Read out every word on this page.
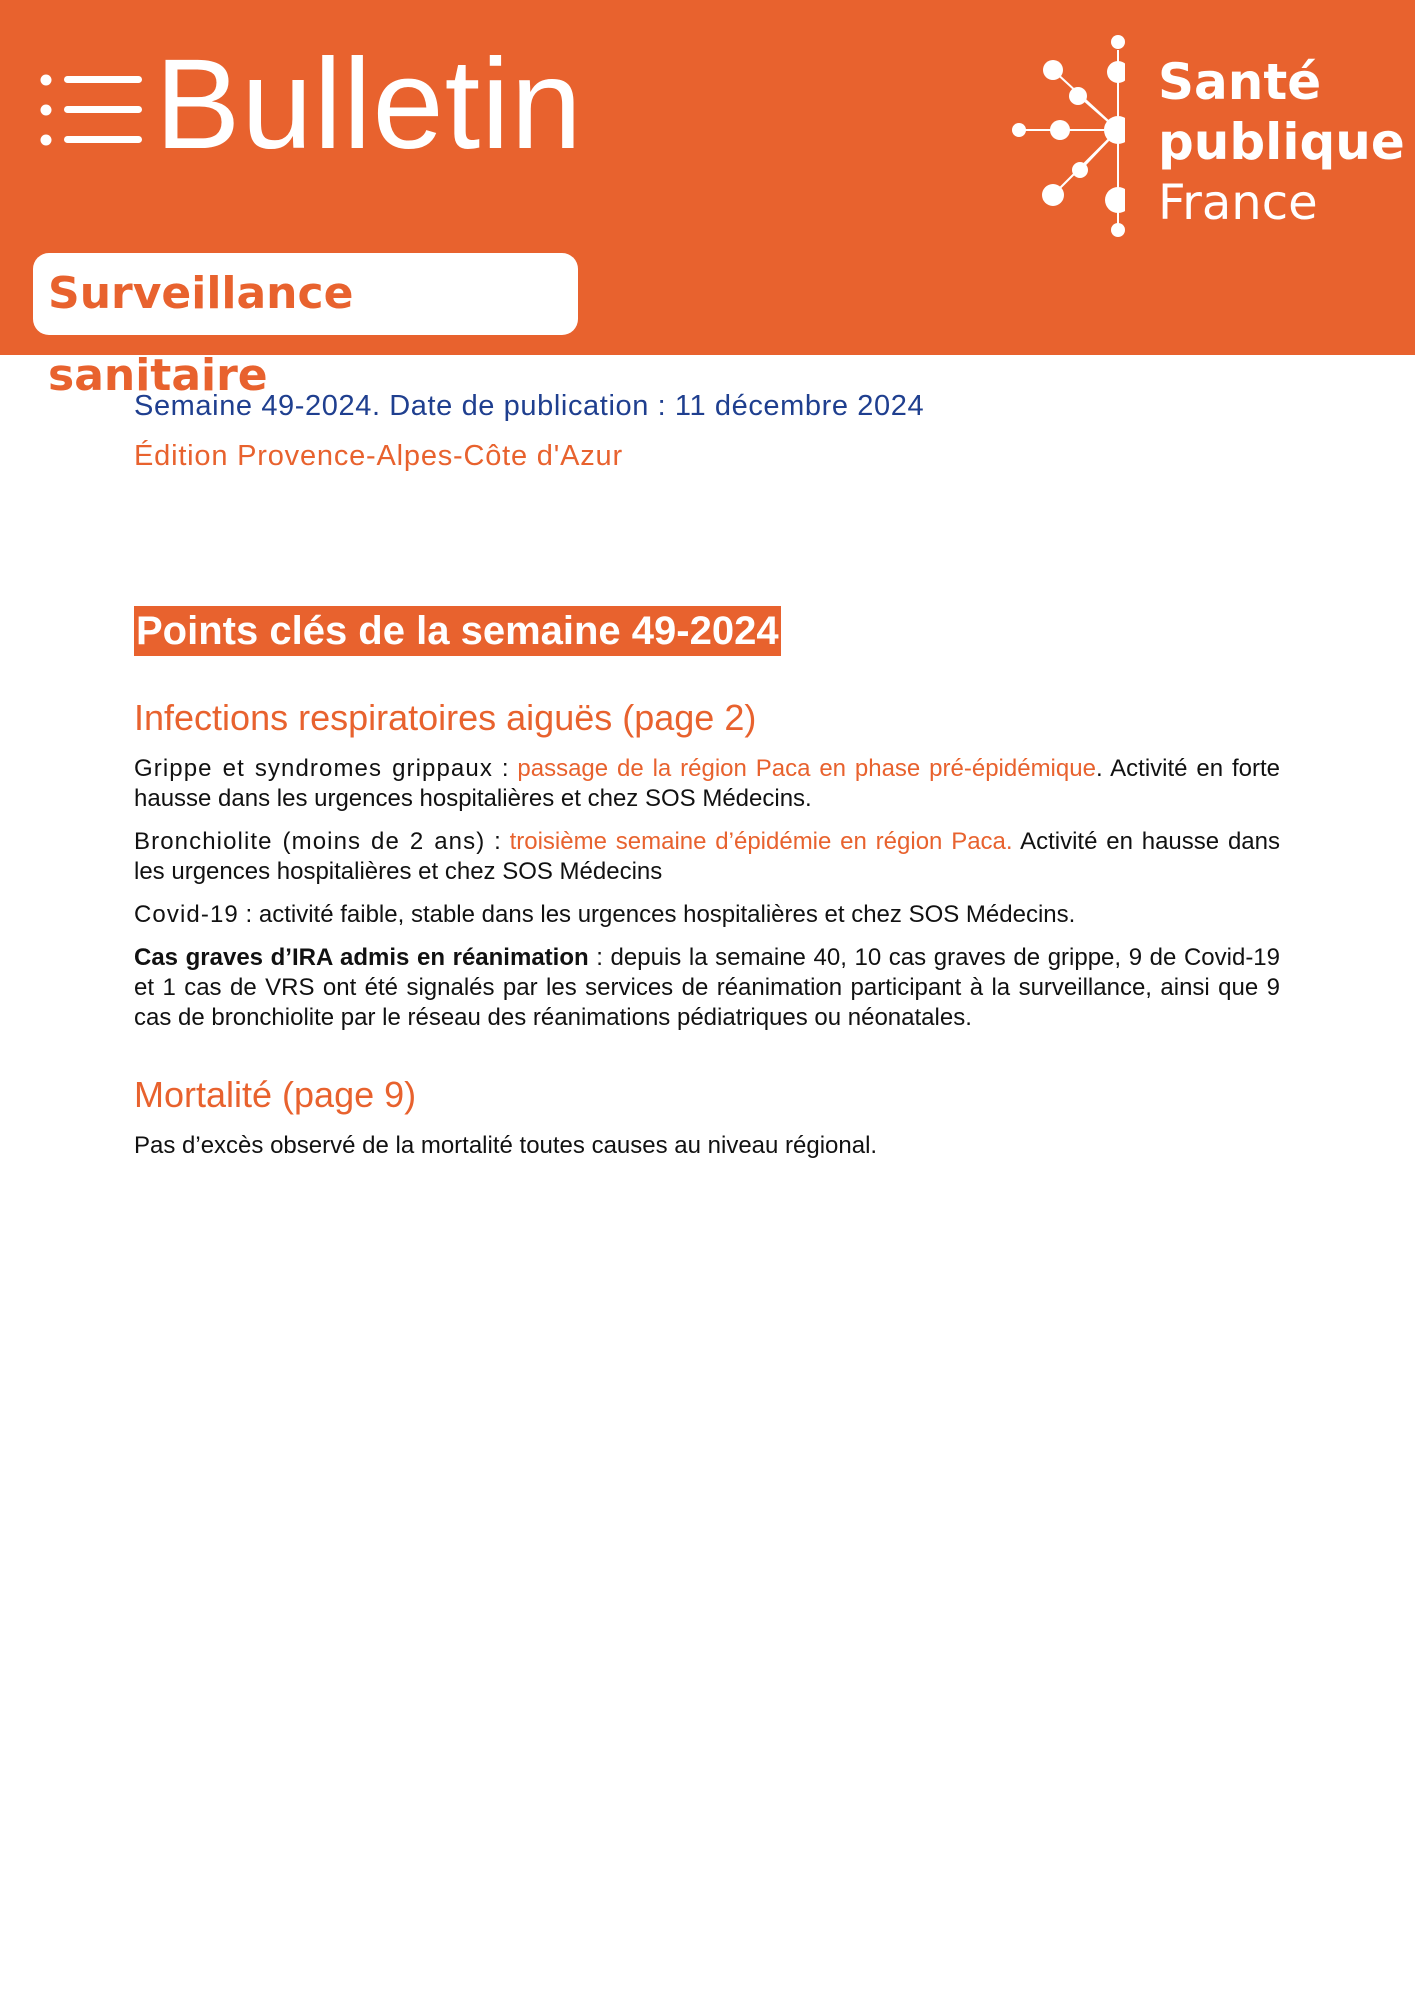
Bulletin	Santé
publique
France
Surveillance sanitaire
Semaine 49-2024. Date de publication : 11 décembre 2024
Édition Provence-Alpes-Côte d'Azur
Points clés de la semaine 49-2024
Infections respiratoires aiguës (page 2)

Grippe et syndromes grippaux : passage de la région Paca en phase pré-épidémique. Activité en forte hausse dans les urgences hospitalières et chez SOS Médecins.

Bronchiolite (moins de 2 ans) : troisième semaine d’épidémie en région Paca. Activité en hausse dans les urgences hospitalières et chez SOS Médecins

Covid-19 : activité faible, stable dans les urgences hospitalières et chez SOS Médecins.

Cas graves d’IRA admis en réanimation : depuis la semaine 40, 10 cas graves de grippe, 9 de Covid-19 et 1 cas de VRS ont été signalés par les services de réanimation participant à la surveillance, ainsi que 9 cas de bronchiolite par le réseau des réanimations pédiatriques ou néonatales.

Mortalité (page 9)

Pas d’excès observé de la mortalité toutes causes au niveau régional.
